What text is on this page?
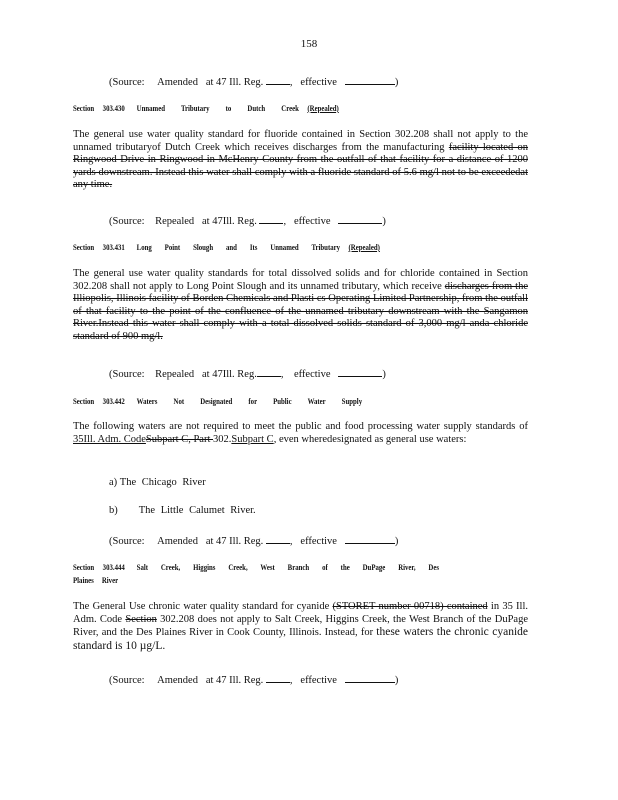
158
(Source: Amended at 47 Ill. Reg.	,   effective	)
Section 303.430 Unnamed Tributary to Dutch Creek (Repealed)
The general use water quality standard for fluoride contained in Section 302.208 shall not apply to the unnamed tributaryof Dutch Creek which receives discharges from the manufacturing facility located on Ringwood Drive in Ringwood in McHenry County from the outfall of that facility for a distance of 1200 yards downstream. Instead this water shall comply with a fluoride standard of 5.6 mg/l not to be exceededat any time.
(Source: Repealed at 47Ill. Reg.	,   effective	)
Section 303.431 Long Point Slough and Its Unnamed Tributary (Repealed)
The general use water quality standards for total dissolved solids and for chloride contained in Section 302.208 shall not apply to Long Point Slough and its unnamed tributary, which receive discharges from the Illiopolis, Illinois facility of Borden Chemicals and Plasti cs Operating Limited Partnership, from the outfall of that facility to the point of the confluence of the unnamed tributary downstream with the Sangamon River.Instead this water shall comply with a total dissolved solids standard of 3,000 mg/l anda chloride standard of 900 mg/l.
(Source: Repealed at 47Ill. Reg. ,    effective	)
Section 303.442 Waters Not Designated for Public Water Supply
The following waters are not required to meet the public and food processing water supply standards of 35Ill. Adm. CodeSubpart C, Part 302.Subpart C, even wheredesignated as general use waters:
a) The Chicago River
b) The Little Calumet River.
(Source: Amended at 47 Ill. Reg.	,   effective	)
Section 303.444 Salt Creek, Higgins Creek, West Branch of the DuPage River, Des
Plaines River
The General Use chronic water quality standard for cyanide (STORET number 00718) contained in 35 Ill. Adm. Code Section 302.208 does not apply to Salt Creek, Higgins Creek, the West Branch of the DuPage River, and the Des Plaines River in Cook County, Illinois. Instead, for these waters the chronic cyanide standard is 10 µg/L.
(Source: Amended at 47 Ill. Reg.	,   effective	)
